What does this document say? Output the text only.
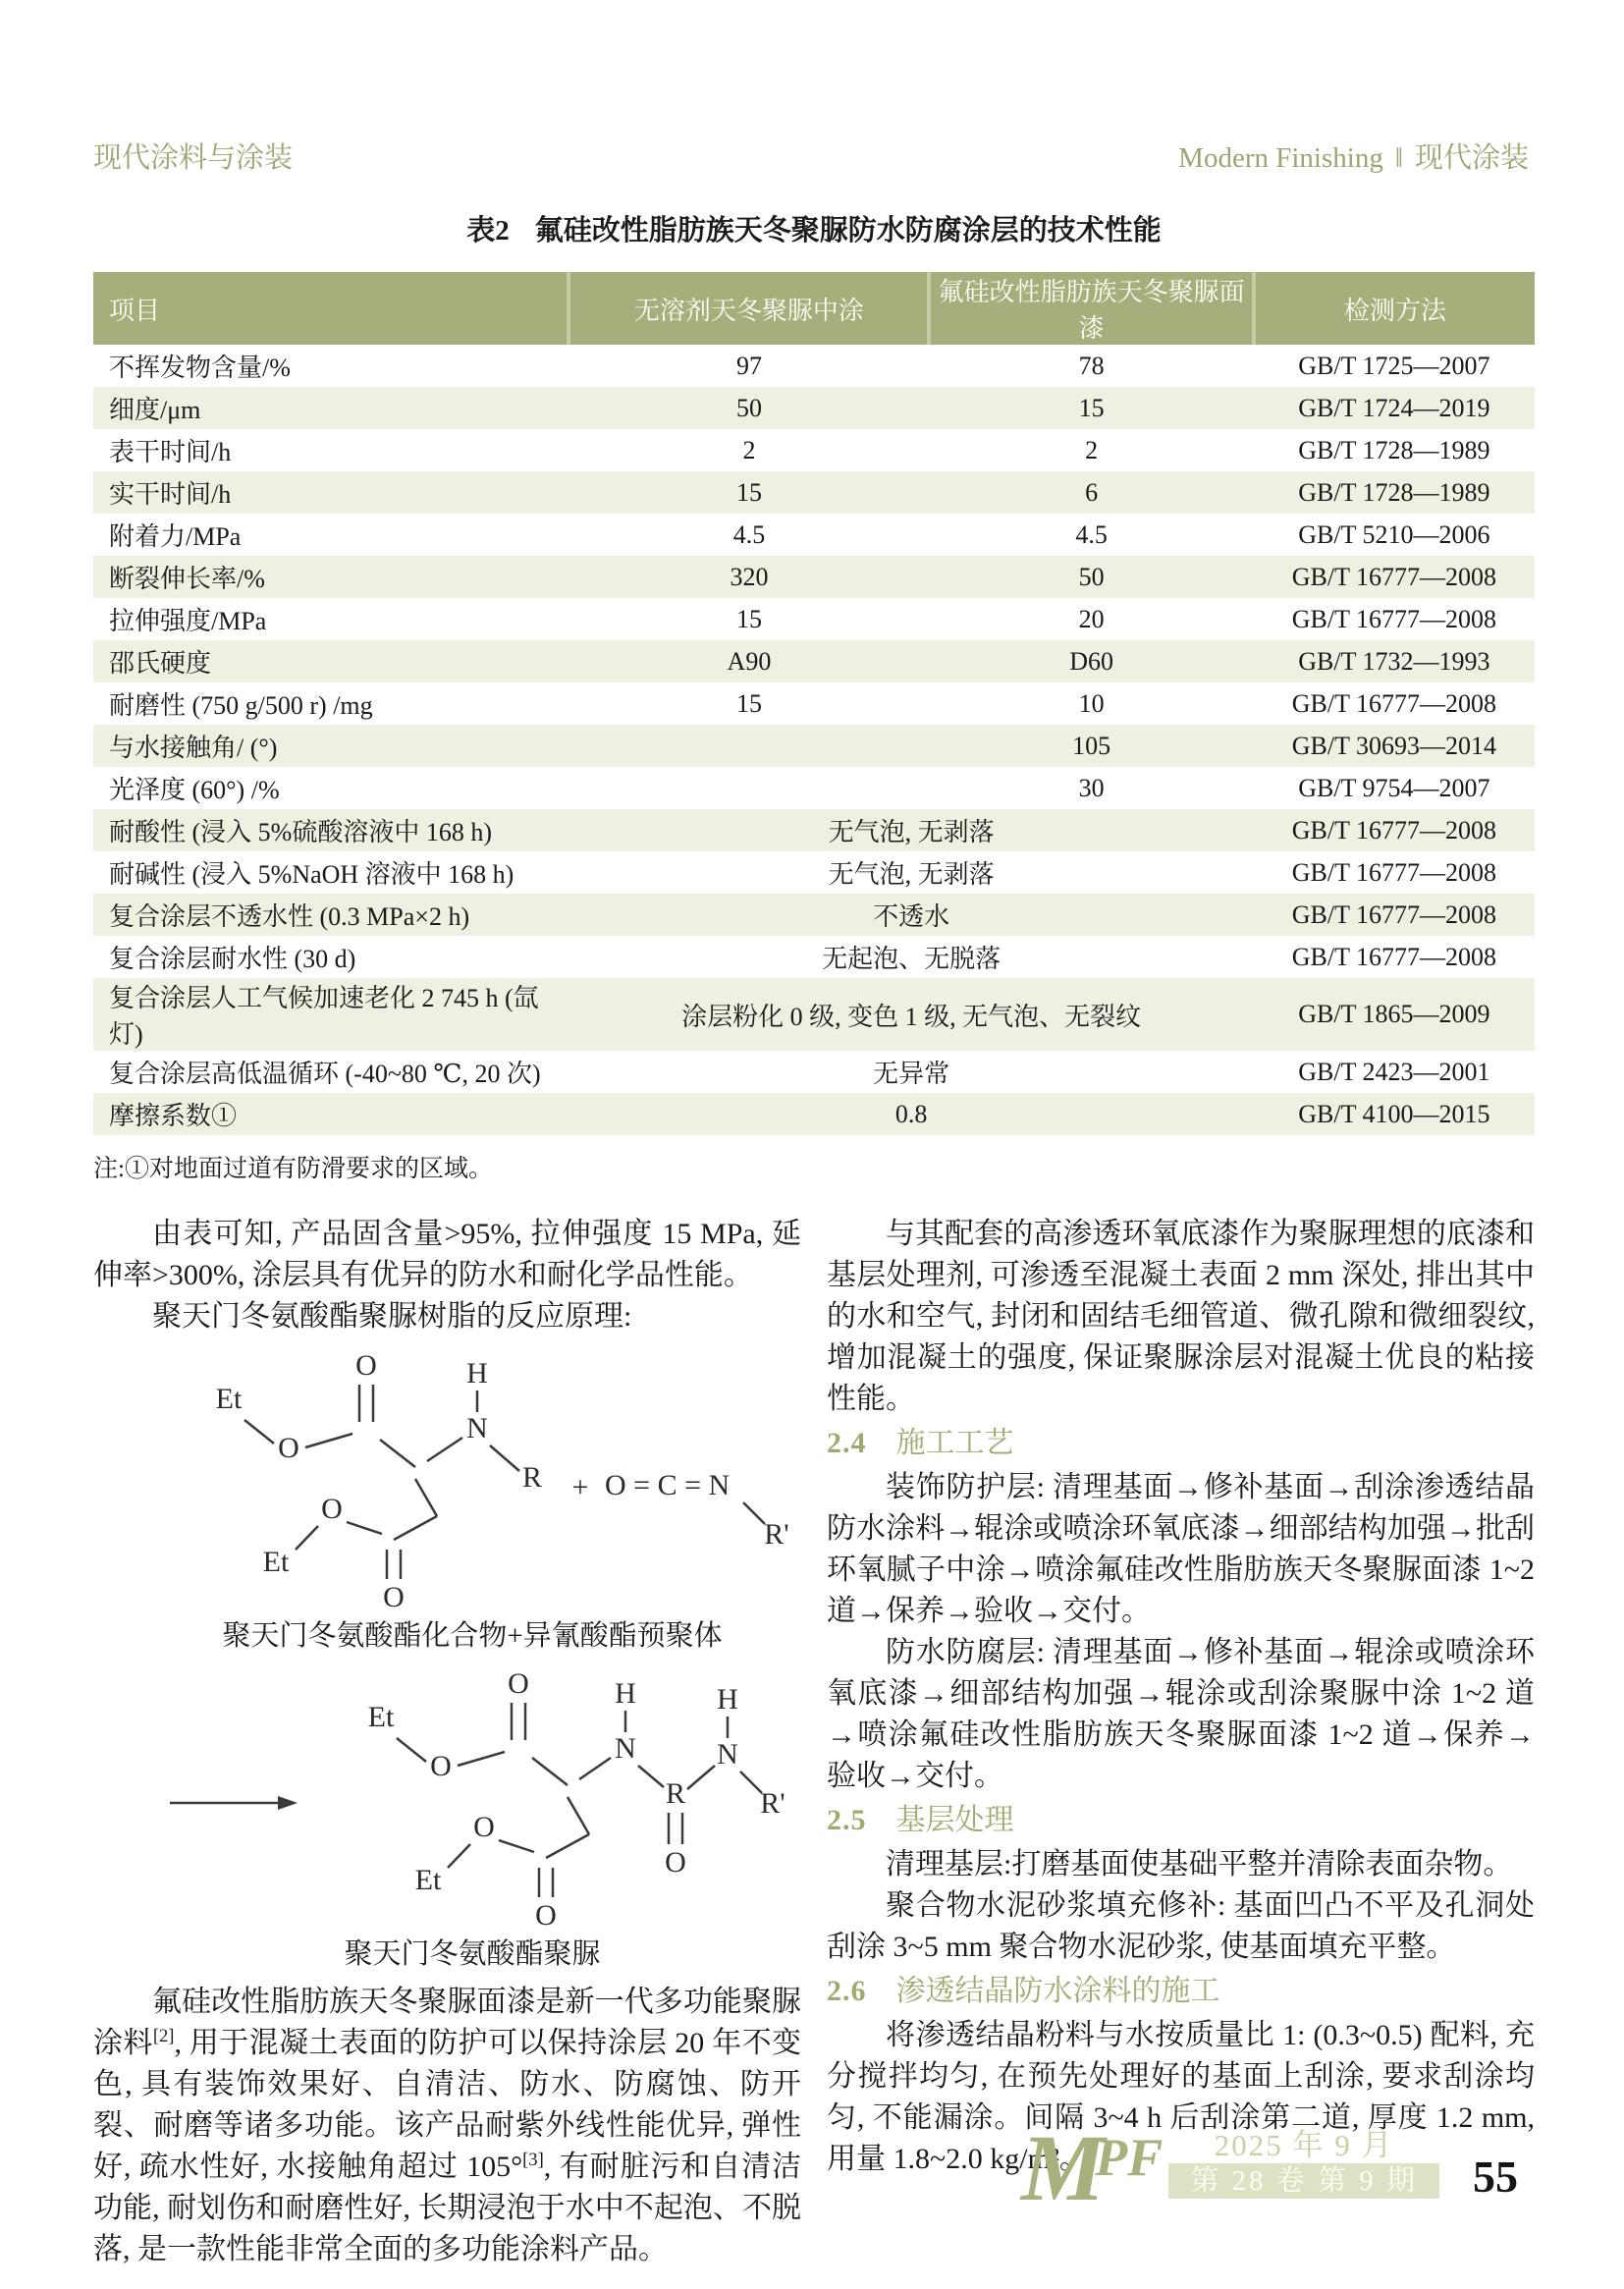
现代涂料与涂装	Modern Finishing ‖ 现代涂装

表2 氟硅改性脂肪族天冬聚脲防水防腐涂层的技术性能

项目	无溶剂天冬聚脲中涂	氟硅改性脂肪族天冬聚脲面漆	检测方法
不挥发物含量/%	97	78	GB/T 1725—2007
细度/μm	50	15	GB/T 1724—2019
表干时间/h	2	2	GB/T 1728—1989
实干时间/h	15	6	GB/T 1728—1989
附着力/MPa	4.5	4.5	GB/T 5210—2006
断裂伸长率/%	320	50	GB/T 16777—2008
拉伸强度/MPa	15	20	GB/T 16777—2008
邵氏硬度	A90	D60	GB/T 1732—1993
耐磨性 (750 g/500 r) /mg	15	10	GB/T 16777—2008
与水接触角/ (°)		105	GB/T 30693—2014
光泽度 (60°) /%		30	GB/T 9754—2007
耐酸性 (浸入 5%硫酸溶液中 168 h)	无气泡, 无剥落		GB/T 16777—2008
耐碱性 (浸入 5%NaOH 溶液中 168 h)	无气泡, 无剥落		GB/T 16777—2008
复合涂层不透水性 (0.3 MPa×2 h)	不透水		GB/T 16777—2008
复合涂层耐水性 (30 d)	无起泡、无脱落		GB/T 16777—2008
复合涂层人工气候加速老化 2 745 h (氙灯)	涂层粉化 0 级, 变色 1 级, 无气泡、无裂纹		GB/T 1865—2009
复合涂层高低温循环 (-40~80 ℃, 20 次)	无异常		GB/T 2423—2001
摩擦系数①	0.8		GB/T 4100—2015

注:①对地面过道有防滑要求的区域。

由表可知, 产品固含量>95%, 拉伸强度 15 MPa, 延伸率>300%, 涂层具有优异的防水和耐化学品性能。

聚天门冬氨酸酯聚脲树脂的反应原理:

O
Et
O
N
H
R + O = C = N
R'
O
O
Et

聚天门冬氨酸酯化合物+异氰酸酯预聚体

O
Et
O
N
H
R
O
N
H
R'
O
O
Et

聚天门冬氨酸酯聚脲

氟硅改性脂肪族天冬聚脲面漆是新一代多功能聚脲涂料[2], 用于混凝土表面的防护可以保持涂层 20 年不变色, 具有装饰效果好、自清洁、防水、防腐蚀、防开裂、耐磨等诸多功能。该产品耐紫外线性能优异, 弹性好, 疏水性好, 水接触角超过 105°[3], 有耐脏污和自清洁功能, 耐划伤和耐磨性好, 长期浸泡于水中不起泡、不脱落, 是一款性能非常全面的多功能涂料产品。

与其配套的高渗透环氧底漆作为聚脲理想的底漆和基层处理剂, 可渗透至混凝土表面 2 mm 深处, 排出其中的水和空气, 封闭和固结毛细管道、微孔隙和微细裂纹, 增加混凝土的强度, 保证聚脲涂层对混凝土优良的粘接性能。

2.4 施工工艺

装饰防护层: 清理基面→修补基面→刮涂渗透结晶防水涂料→辊涂或喷涂环氧底漆→细部结构加强→批刮环氧腻子中涂→喷涂氟硅改性脂肪族天冬聚脲面漆 1~2 道→保养→验收→交付。

防水防腐层: 清理基面→修补基面→辊涂或喷涂环氧底漆→细部结构加强→辊涂或刮涂聚脲中涂 1~2 道→喷涂氟硅改性脂肪族天冬聚脲面漆 1~2 道→保养→验收→交付。

2.5 基层处理

清理基层:打磨基面使基础平整并清除表面杂物。

聚合物水泥砂浆填充修补: 基面凹凸不平及孔洞处刮涂 3~5 mm 聚合物水泥砂浆, 使基面填充平整。

2.6 渗透结晶防水涂料的施工

将渗透结晶粉料与水按质量比 1: (0.3~0.5) 配料, 充分搅拌均匀, 在预先处理好的基面上刮涂, 要求刮涂均匀, 不能漏涂。间隔 3~4 h 后刮涂第二道, 厚度 1.2 mm, 用量 1.8~2.0 kg/m²。

M
PF 2025 年 9 月
第 28 卷 第 9 期	55
